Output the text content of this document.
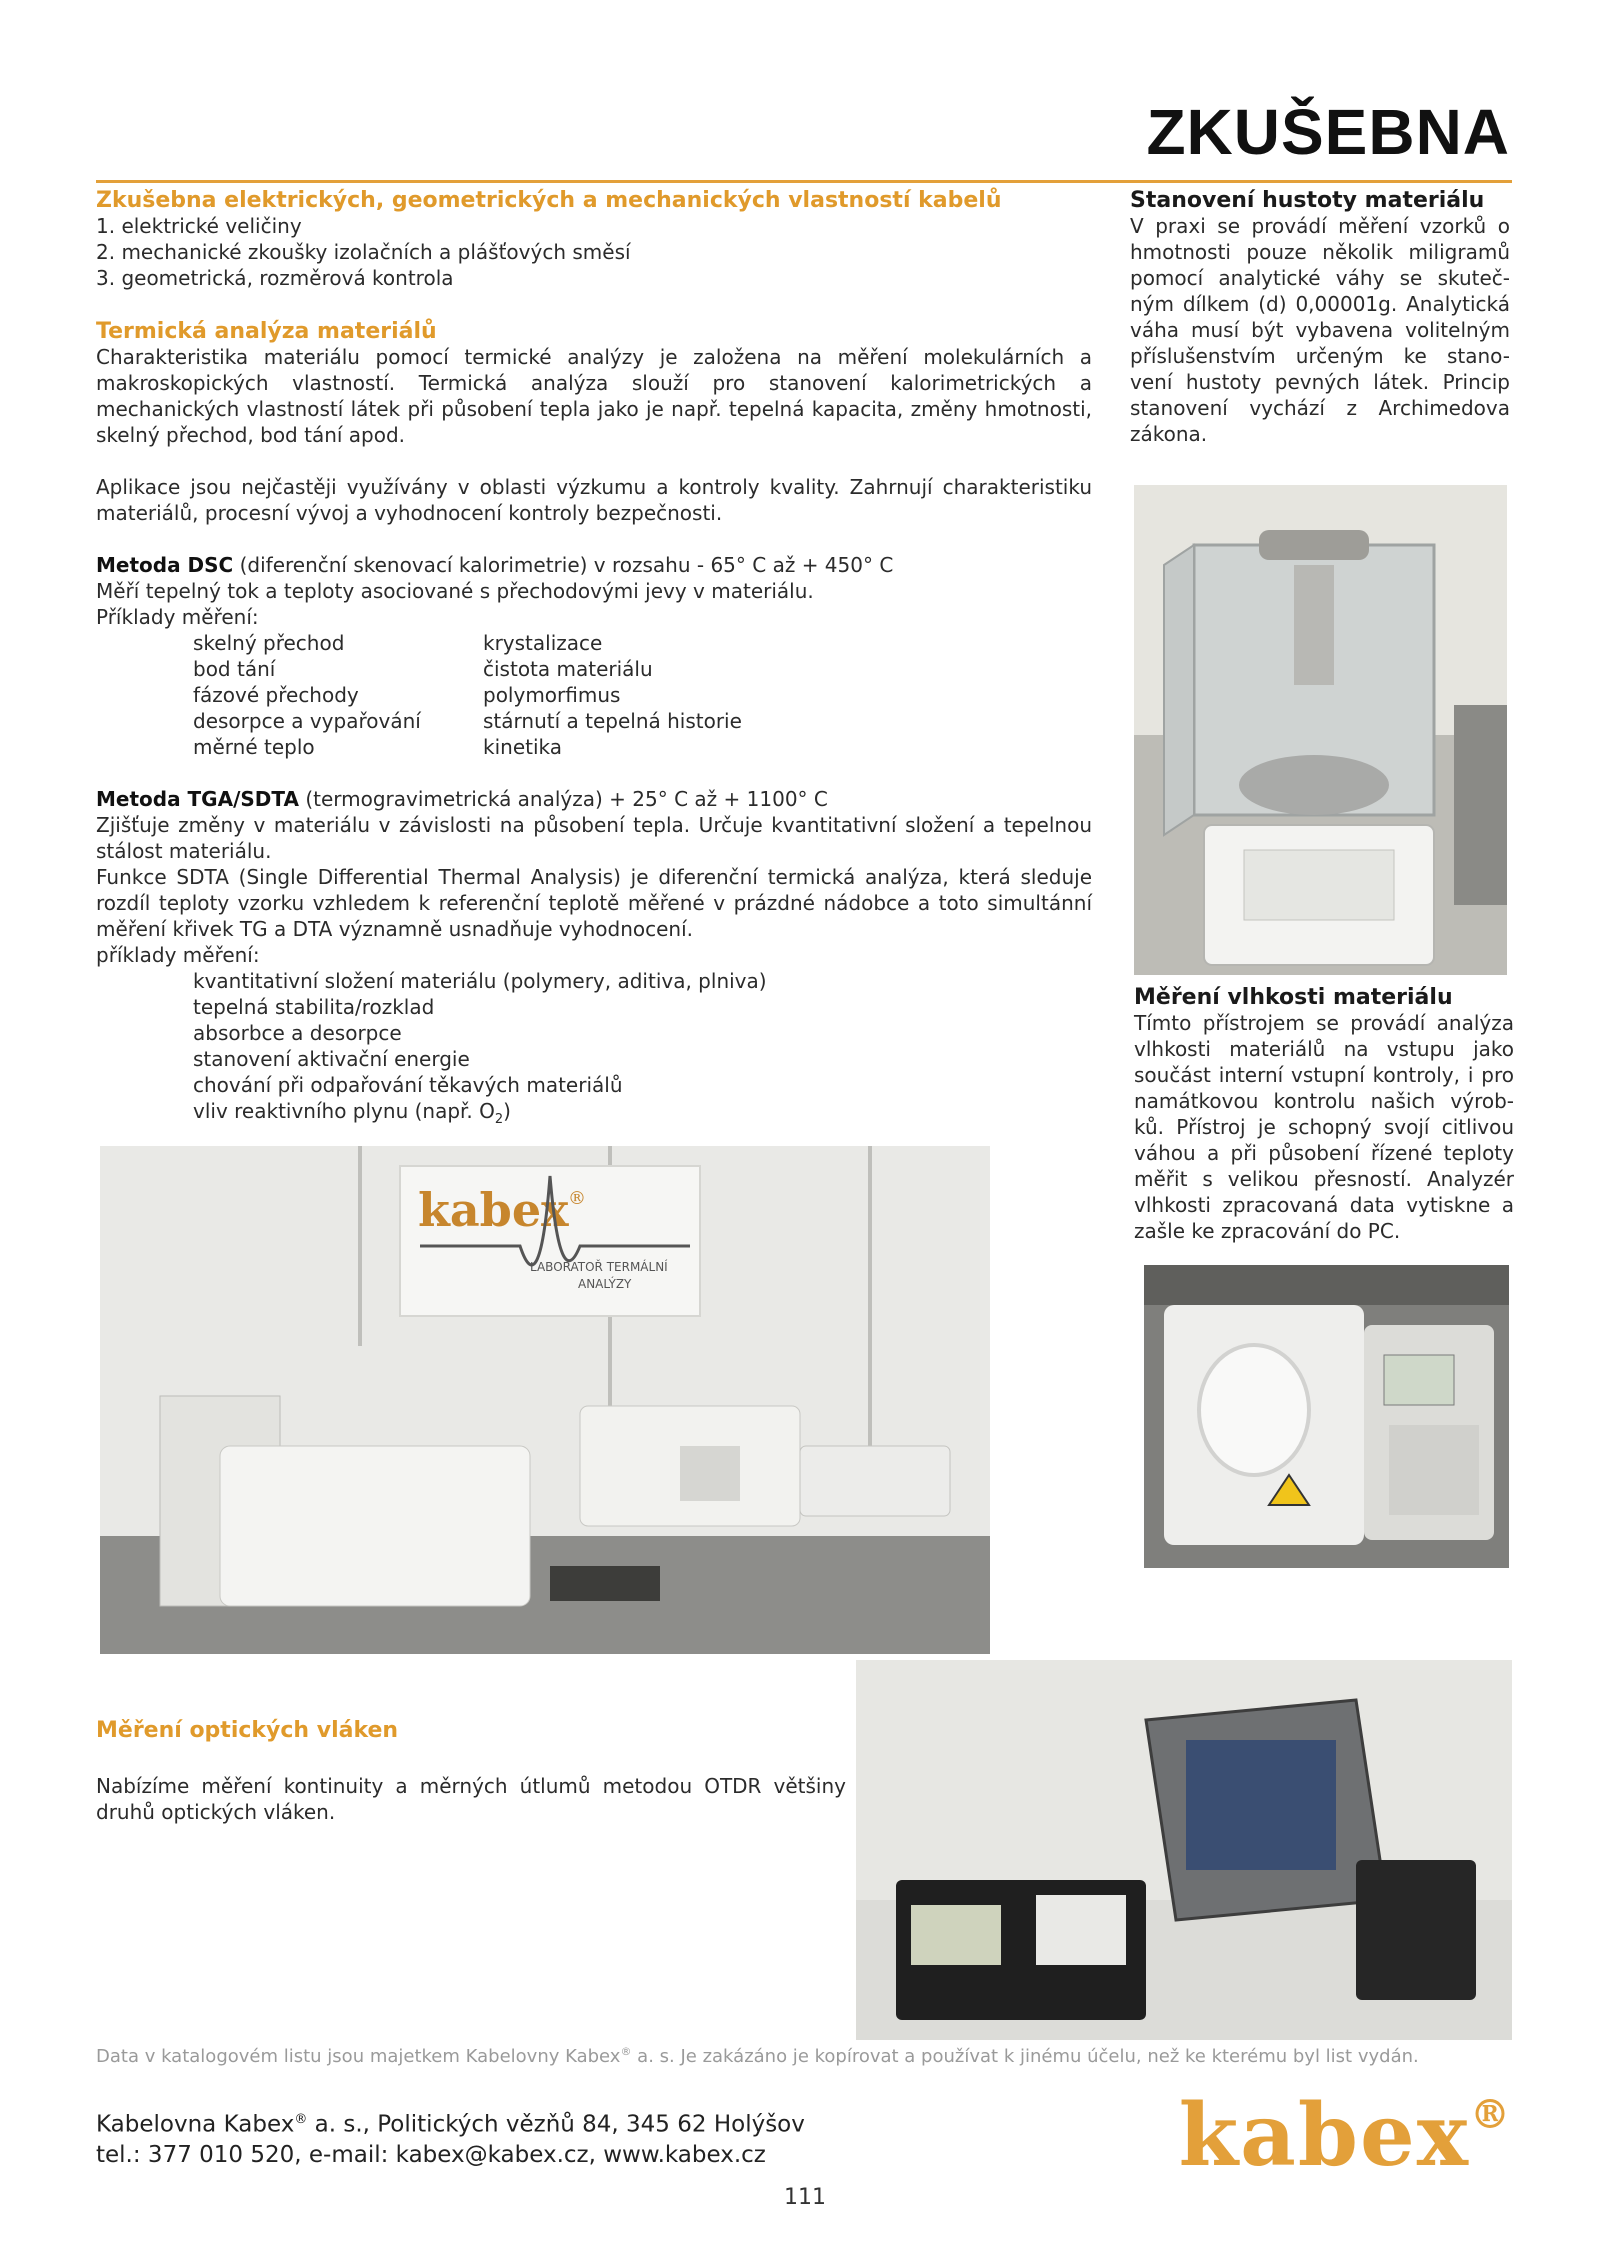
ZKUŠEBNA
Zkušebna elektrických, geometrických a mechanických vlastností kabelů
1. elektrické veličiny
2. mechanické zkoušky izolačních a plášťových směsí
3. geometrická, rozměrová kontrola
Termická analýza materiálů

Charakteristika materiálu pomocí termické analýzy je založena na měření molekulárních a makroskopických vlastností. Termická analýza slouží pro stanovení kalorimetrických a mechanických vlastností látek při působení tepla jako je např. tepelná kapacita, změny hmotnosti, skelný přechod, bod tání apod.

Aplikace jsou nejčastěji využívány v oblasti výzkumu a kontroly kvality. Zahrnují charakteristiku materiálů, procesní vývoj a vyhodnocení kontroly bezpečnosti.

Metoda DSC (diferenční skenovací kalorimetrie) v rozsahu - 65° C až + 450° C

Měří tepelný tok a teploty asociované s přechodovými jevy v materiálu.

Příklady měření:

skelný přechod	krystalizace
bod tání	čistota materiálu
fázové přechody	polymorfimus
desorpce a vypařování	stárnutí a tepelná historie
měrné teplo	kinetika

Metoda TGA/SDTA (termogravimetrická analýza) + 25° C až + 1100° C

Zjišťuje změny v materiálu v závislosti na působení tepla. Určuje kvantitativní složení a tepelnou stálost materiálu.

Funkce SDTA (Single Differential Thermal Analysis) je diferenční termická analýza, která sleduje rozdíl teploty vzorku vzhledem k referenční teplotě měřené v prázdné nádobce a toto simultánní měření křivek TG a DTA významně usnadňuje vyhodnocení.

příklady měření:

kvantitativní složení materiálu (polymery, aditiva, plniva)
tepelná stabilita/rozklad
absorbce a desorpce
stanovení aktivační energie
chování při odpařování těkavých materiálů
vliv reaktivního plynu (např. $O_2$)
Stanovení hustoty materiálu

V praxi se provádí měření vzorků o hmotnosti pouze několik miligramů pomocí analytické váhy se skuteč-ným dílkem (d) 0,00001g. Analytická váha musí být vybavena volitelným příslušenstvím určeným ke stano-vení hustoty pevných látek. Princip stanovení vychází z Archimedova zákona.

Měření vlhkosti materiálu

Tímto přístrojem se provádí analýza vlhkosti materiálů na vstupu jako součást interní vstupní kontroly, i pro namátkovou kontrolu našich výrob-ků. Přístroj je schopný svojí citlivou váhou a při působení řízené teploty měřit s velikou přesností. Analyzér vlhkosti zpracovaná data vytiskne a zašle ke zpracování do PC.

kabex ®
LABORATOŘ TERMÁLNÍ
ANALÝZY
Měření optických vláken

Nabízíme měření kontinuity a měrných útlumů metodou OTDR většiny druhů optických vláken.

Data v katalogovém listu jsou majetkem Kabelovny Kabex® a. s. Je zakázáno je kopírovat a používat k jinému účelu, než ke kterému byl list vydán.
Kabelovna Kabex® a. s., Politických vězňů 84, 345 62 Holýšov
tel.: 377 010 520, e-mail: kabex@kabex.cz, www.kabex.cz	kabex®
111
